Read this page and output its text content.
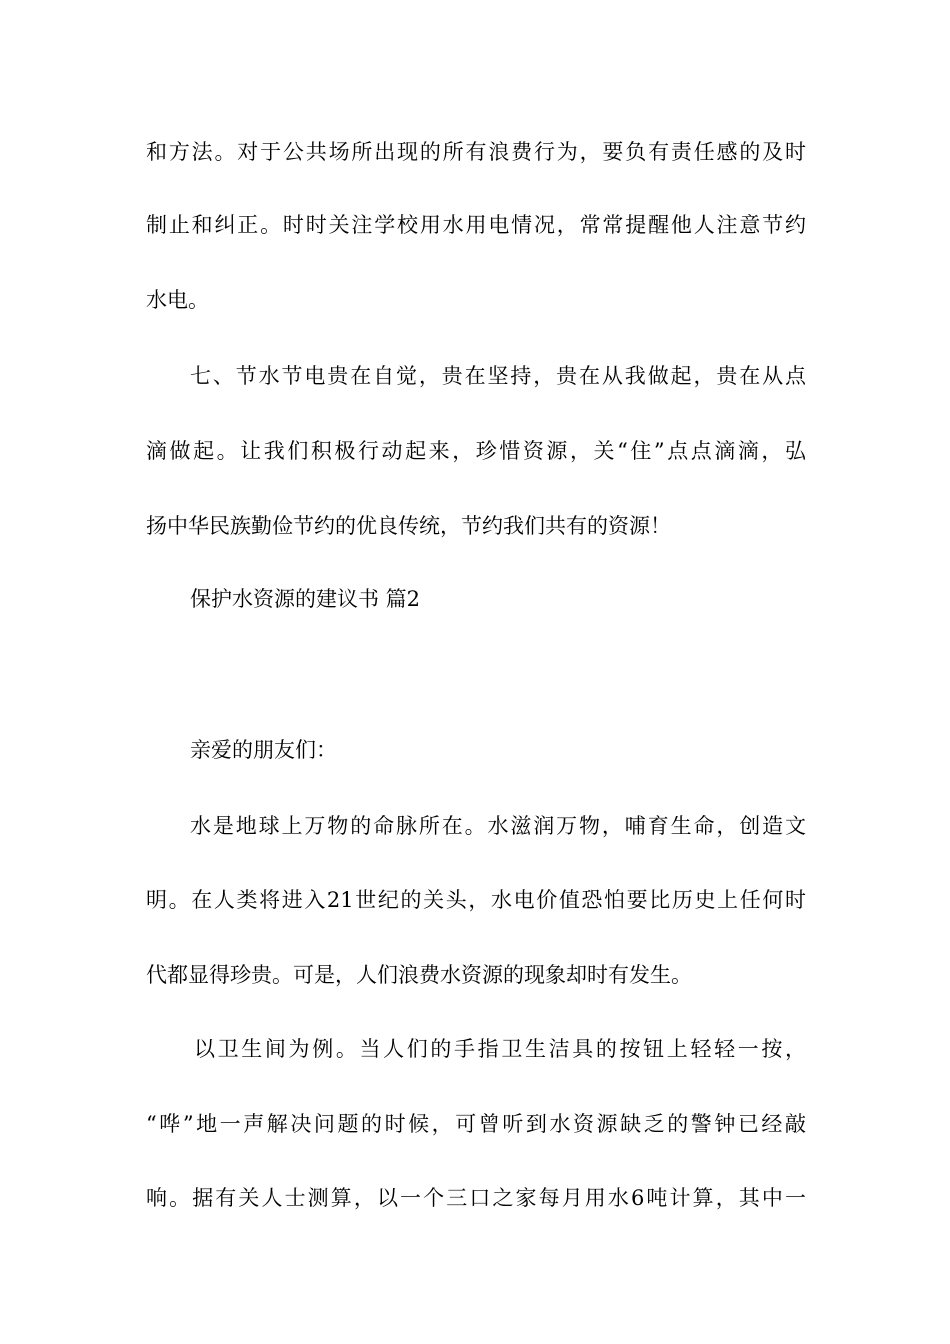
和方法。对于公共场所出现的所有浪费行为，要负有责任感的及时
制止和纠正。时时关注学校用水用电情况，常常提醒他人注意节约
水电。
七、节水节电贵在自觉，贵在坚持，贵在从我做起，贵在从点
滴做起。让我们积极行动起来，珍惜资源，关“住”点点滴滴，弘
扬中华民族勤俭节约的优良传统，节约我们共有的资源！
保护水资源的建议书 篇2
亲爱的朋友们：
水是地球上万物的命脉所在。水滋润万物，哺育生命，创造文
明。在人类将进入21世纪的关头，水电价值恐怕要比历史上任何时
代都显得珍贵。可是，人们浪费水资源的现象却时有发生。
以卫生间为例。当人们的手指卫生洁具的按钮上轻轻一按，
“哗”地一声解决问题的时候，可曾听到水资源缺乏的警钟已经敲
响。据有关人士测算，以一个三口之家每月用水6吨计算，其中一
